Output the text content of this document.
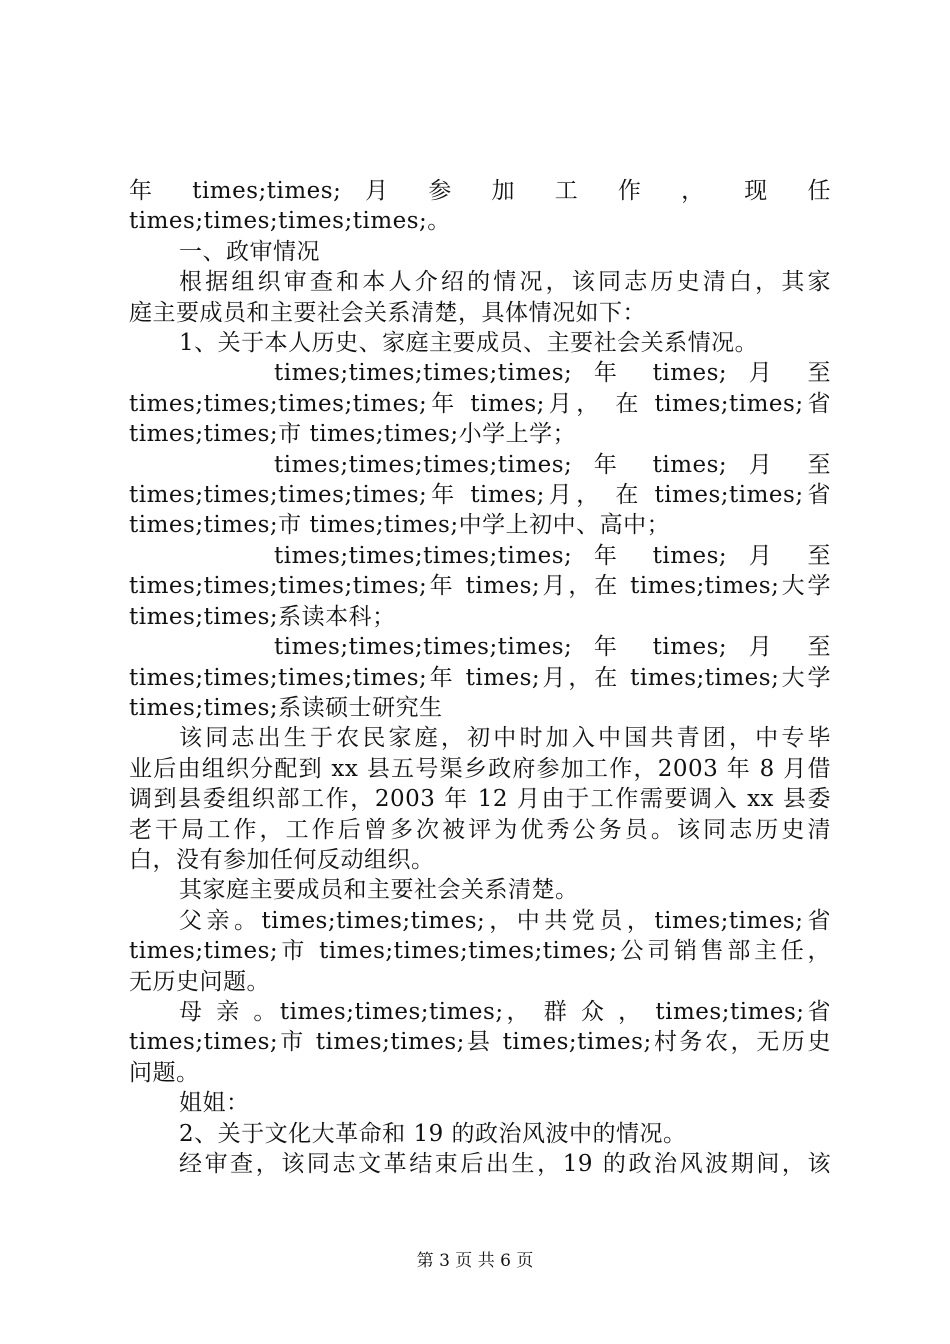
年 times;times; 月 参 加 工 作 ， 现 任

times;times;times;times;。

一、政审情况

根据组织审查和本人介绍的情况，该同志历史清白，其家

庭主要成员和主要社会关系清楚，具体情况如下：

1、关于本人历史、家庭主要成员、主要社会关系情况。

times;times;times;times; 年 times; 月 至

times;times;times;times;年 times;月， 在 times;times;省

times;times;市 times;times;小学上学；

times;times;times;times; 年 times; 月 至

times;times;times;times;年 times;月， 在 times;times;省

times;times;市 times;times;中学上初中、高中；

times;times;times;times; 年 times; 月 至

times;times;times;times;年 times;月，在 times;times;大学

times;times;系读本科；

times;times;times;times; 年 times; 月 至

times;times;times;times;年 times;月，在 times;times;大学

times;times;系读硕士研究生

该同志出生于农民家庭，初中时加入中国共青团，中专毕

业后由组织分配到 xx 县五号渠乡政府参加工作，2003 年 8 月借

调到县委组织部工作，2003 年 12 月由于工作需要调入 xx 县委

老干局工作，工作后曾多次被评为优秀公务员。该同志历史清

白，没有参加任何反动组织。

其家庭主要成员和主要社会关系清楚。

父亲。times;times;times;，中共党员，times;times;省

times;times;市 times;times;times;times;公司销售部主任，

无历史问题。

母 亲 。times;times;times;， 群 众 ， times;times;省

times;times;市 times;times;县 times;times;村务农，无历史

问题。

姐姐：

2、关于文化大革命和 19 的政治风波中的情况。

经审查，该同志文革结束后出生，19 的政治风波期间，该

第 3 页 共 6 页
